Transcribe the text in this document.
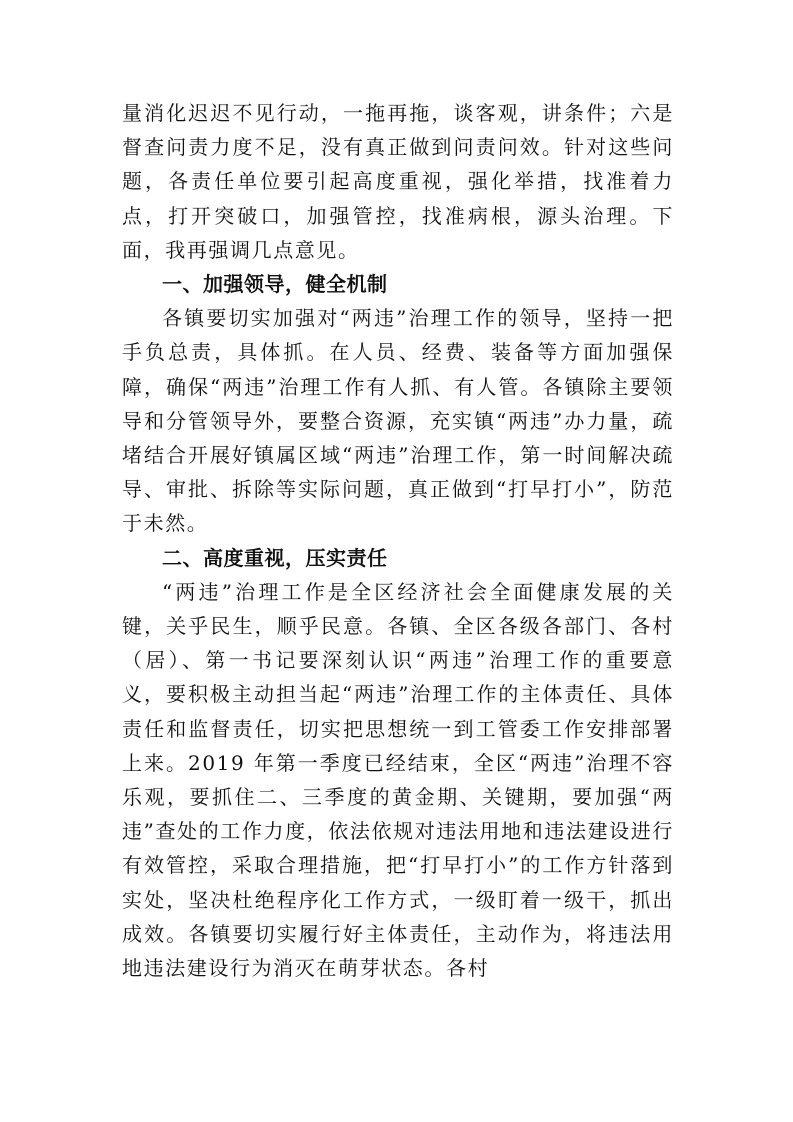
量消化迟迟不见行动，一拖再拖，谈客观，讲条件；六是督查问责力度不足，没有真正做到问责问效。针对这些问题，各责任单位要引起高度重视，强化举措，找准着力点，打开突破口，加强管控，找准病根，源头治理。下面，我再强调几点意见。

一、加强领导，健全机制

各镇要切实加强对“两违”治理工作的领导，坚持一把手负总责，具体抓。在人员、经费、装备等方面加强保障，确保“两违”治理工作有人抓、有人管。各镇除主要领导和分管领导外，要整合资源，充实镇“两违”办力量，疏堵结合开展好镇属区域“两违”治理工作，第一时间解决疏导、审批、拆除等实际问题，真正做到“打早打小”，防范于未然。

二、高度重视，压实责任

“两违”治理工作是全区经济社会全面健康发展的关键，关乎民生，顺乎民意。各镇、全区各级各部门、各村（居）、第一书记要深刻认识“两违”治理工作的重要意义，要积极主动担当起“两违”治理工作的主体责任、具体责任和监督责任，切实把思想统一到工管委工作安排部署上来。2019 年第一季度已经结束，全区“两违”治理不容乐观，要抓住二、三季度的黄金期、关键期，要加强“两违”查处的工作力度，依法依规对违法用地和违法建设进行有效管控，采取合理措施，把“打早打小”的工作方针落到实处，坚决杜绝程序化工作方式，一级盯着一级干，抓出成效。各镇要切实履行好主体责任，主动作为，将违法用地违法建设行为消灭在萌芽状态。各村
